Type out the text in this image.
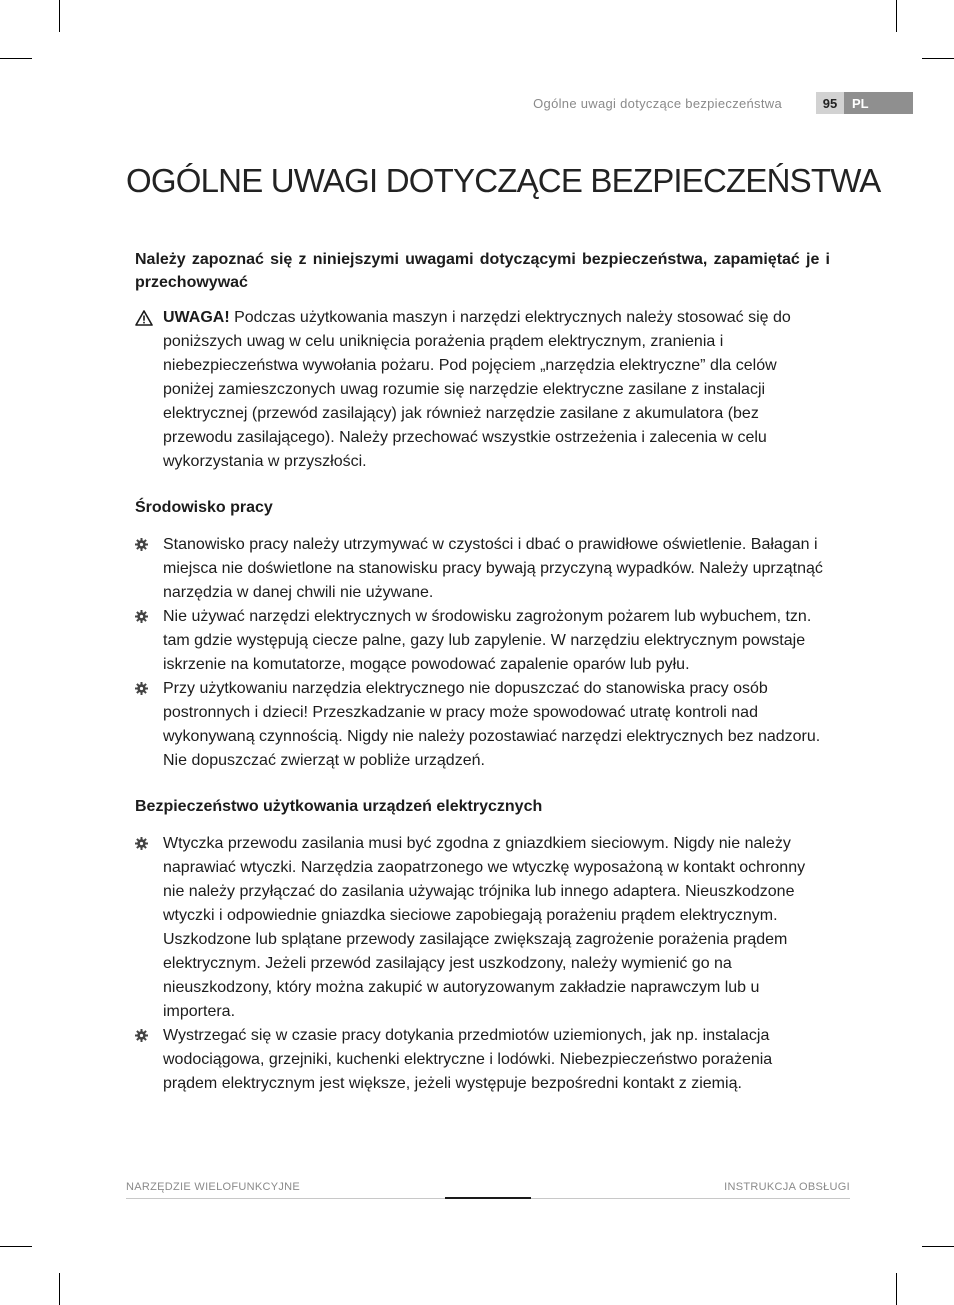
Ogólne uwagi dotyczące bezpieczeństwa	95	PL
OGÓLNE UWAGI DOTYCZĄCE BEZPIECZEŃSTWA

Należy zapoznać się z niniejszymi uwagami dotyczącymi bezpieczeństwa, zapamiętać je i przechowywać

UWAGA! Podczas użytkowania maszyn i narzędzi elektrycznych należy stosować się do poniższych uwag w celu uniknięcia porażenia prądem elektrycznym, zranienia i niebezpieczeństwa wywołania pożaru. Pod pojęciem „narzędzia elektryczne” dla celów poniżej zamieszczonych uwag rozumie się narzędzie elektryczne zasilane z instalacji elektrycznej (przewód zasilający) jak również narzędzie zasilane z akumulatora (bez przewodu zasilającego). Należy przechować wszystkie ostrzeżenia i zalecenia w celu wykorzystania w przyszłości.

Środowisko pracy

Stanowisko pracy należy utrzymywać w czystości i dbać o prawidłowe oświetlenie. Bałagan i miejsca nie doświetlone na stanowisku pracy bywają przyczyną wypadków. Należy uprzątnąć narzędzia w danej chwili nie używane.
Nie używać narzędzi elektrycznych w środowisku zagrożonym pożarem lub wybuchem, tzn. tam gdzie występują ciecze palne, gazy lub zapylenie. W narzędziu elektrycznym powstaje iskrzenie na komutatorze, mogące powodować zapalenie oparów lub pyłu.
Przy użytkowaniu narzędzia elektrycznego nie dopuszczać do stanowiska pracy osób postronnych i dzieci! Przeszkadzanie w pracy może spowodować utratę kontroli nad wykonywaną czynnością. Nigdy nie należy pozostawiać narzędzi elektrycznych bez nadzoru. Nie dopuszczać zwierząt w pobliże urządzeń.

Bezpieczeństwo użytkowania urządzeń elektrycznych

Wtyczka przewodu zasilania musi być zgodna z gniazdkiem sieciowym. Nigdy nie należy naprawiać wtyczki. Narzędzia zaopatrzonego we wtyczkę wyposażoną w kontakt ochronny nie należy przyłączać do zasilania używając trójnika lub innego adaptera. Nieuszkodzone wtyczki i odpowiednie gniazdka sieciowe zapobiegają porażeniu prądem elektrycznym. Uszkodzone lub splątane przewody zasilające zwiększają zagrożenie porażenia prądem elektrycznym. Jeżeli przewód zasilający jest uszkodzony, należy wymienić go na nieuszkodzony, który można zakupić w autoryzowanym zakładzie naprawczym lub u importera.
Wystrzegać się w czasie pracy dotykania przedmiotów uziemionych, jak np. instalacja wodociągowa, grzejniki, kuchenki elektryczne i lodówki. Niebezpieczeństwo porażenia prądem elektrycznym jest większe, jeżeli występuje bezpośredni kontakt z ziemią.
NARZĘDZIE WIELOFUNKCYJNE	INSTRUKCJA OBSŁUGI
